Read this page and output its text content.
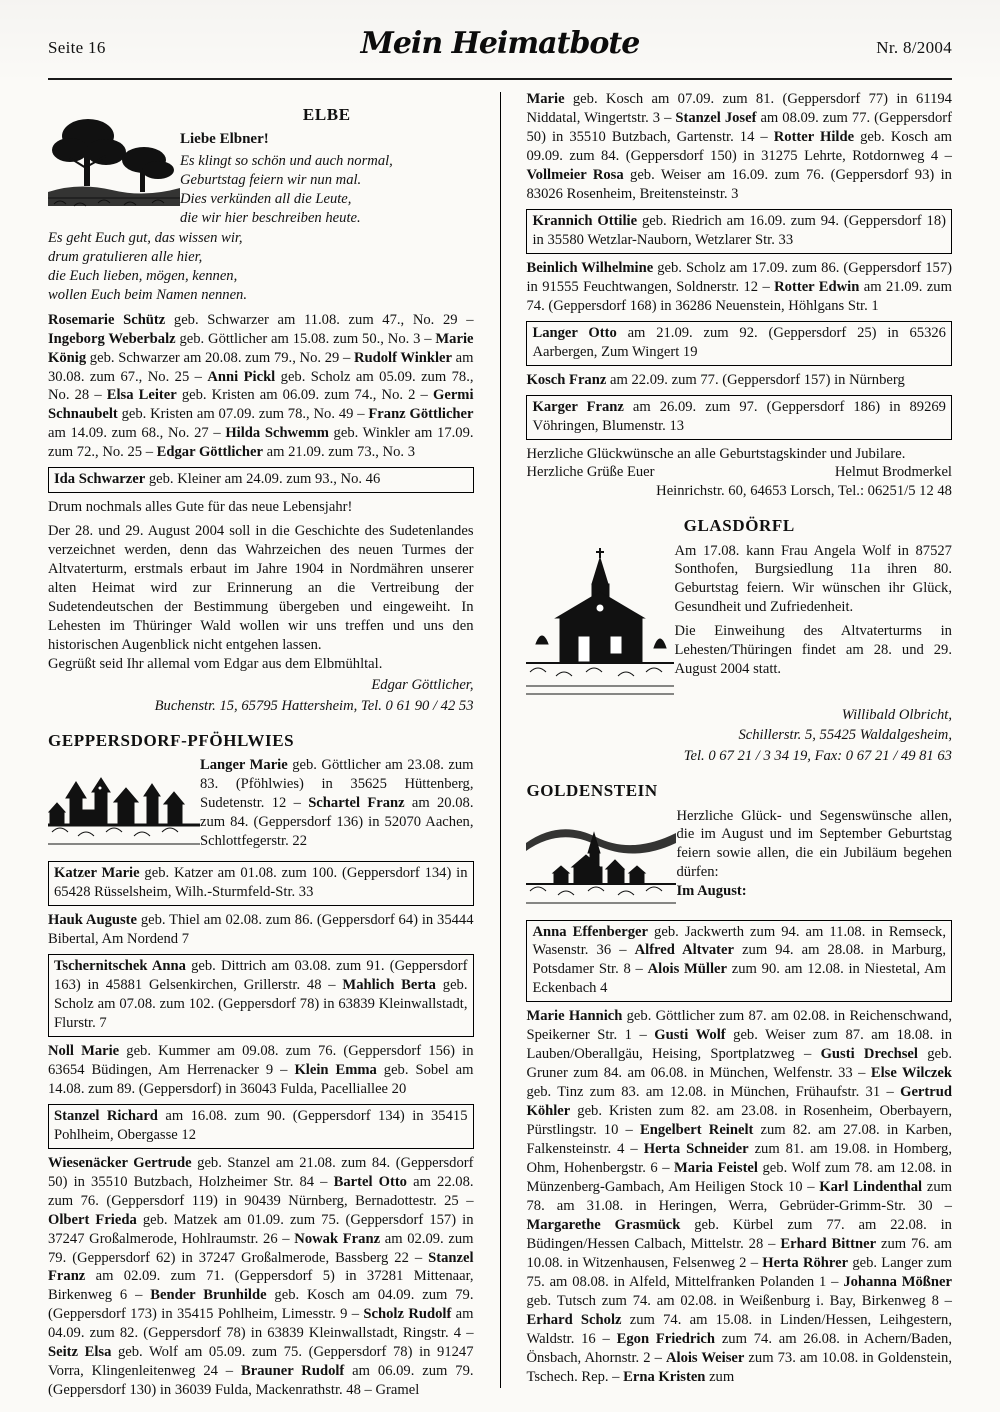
Seite 16	Mein Heimatbote	Nr. 8/2004
ELBE
Liebe Elbner!
Es klingt so schön und auch normal,
Geburtstag feiern wir nun mal.
Dies verkünden all die Leute,
die wir hier beschreiben heute.
Es geht Euch gut, das wissen wir,
drum gratulieren alle hier,
die Euch lieben, mögen, kennen,
wollen Euch beim Namen nennen.

Rosemarie Schütz geb. Schwarzer am 11.08. zum 47., No. 29 – Ingeborg Weberbalz geb. Göttlicher am 15.08. zum 50., No. 3 – Marie König geb. Schwarzer am 20.08. zum 79., No. 29 – Rudolf Winkler am 30.08. zum 67., No. 25 – Anni Pickl geb. Scholz am 05.09. zum 78., No. 28 – Elsa Leiter geb. Kristen am 06.09. zum 74., No. 2 – Germi Schnaubelt geb. Kristen am 07.09. zum 78., No. 49 – Franz Göttlicher am 14.09. zum 68., No. 27 – Hilda Schwemm geb. Winkler am 17.09. zum 72., No. 25 – Edgar Göttlicher am 21.09. zum 73., No. 3

Ida Schwarzer geb. Kleiner am 24.09. zum 93., No. 46

Drum nochmals alles Gute für das neue Lebensjahr!

Der 28. und 29. August 2004 soll in die Geschichte des Sudetenlandes verzeichnet werden, denn das Wahrzeichen des neuen Turmes der Altvaterturm, erstmals erbaut im Jahre 1904 in Nordmähren unserer alten Heimat wird zur Erinnerung an die Vertreibung der Sudetendeutschen der Bestimmung übergeben und eingeweiht. In Lehesten im Thüringer Wald wollen wir uns treffen und uns den historischen Augenblick nicht entgehen lassen.

Gegrüßt seid Ihr allemal vom Edgar aus dem Elbmühltal.

Edgar Göttlicher,

Buchenstr. 15, 65795 Hattersheim, Tel. 0 61 90 / 42 53

GEPPERSDORF-PFÖHLWIES

Langer Marie geb. Göttlicher am 23.08. zum 83. (Pföhlwies) in 35625 Hüttenberg, Sudetenstr. 12 – Schartel Franz am 20.08. zum 84. (Geppersdorf 136) in 52070 Aachen, Schlottfegerstr. 22

Katzer Marie geb. Katzer am 01.08. zum 100. (Geppersdorf 134) in 65428 Rüsselsheim, Wilh.-Sturmfeld-Str. 33

Hauk Auguste geb. Thiel am 02.08. zum 86. (Geppersdorf 64) in 35444 Bibertal, Am Nordend 7

Tschernitschek Anna geb. Dittrich am 03.08. zum 91. (Geppersdorf 163) in 45881 Gelsenkirchen, Grillerstr. 48 – Mahlich Berta geb. Scholz am 07.08. zum 102. (Geppersdorf 78) in 63839 Kleinwallstadt, Flurstr. 7

Noll Marie geb. Kummer am 09.08. zum 76. (Geppersdorf 156) in 63654 Büdingen, Am Herrenacker 9 – Klein Emma geb. Sobel am 14.08. zum 89. (Geppersdorf) in 36043 Fulda, Pacelliallee 20

Stanzel Richard am 16.08. zum 90. (Geppersdorf 134) in 35415 Pohlheim, Obergasse 12

Wiesenäcker Gertrude geb. Stanzel am 21.08. zum 84. (Geppersdorf 50) in 35510 Butzbach, Holzheimer Str. 84 – Bartel Otto am 22.08. zum 76. (Geppersdorf 119) in 90439 Nürnberg, Bernadottestr. 25 – Olbert Frieda geb. Matzek am 01.09. zum 75. (Geppersdorf 157) in 37247 Großalmerode, Hohlraumstr. 26 – Nowak Franz am 02.09. zum 79. (Geppersdorf 62) in 37247 Großalmerode, Bassberg 22 – Stanzel Franz am 02.09. zum 71. (Geppersdorf 5) in 37281 Mittenaar, Birkenweg 6 – Bender Brunhilde geb. Kosch am 04.09. zum 79. (Geppersdorf 173) in 35415 Pohlheim, Limesstr. 9 – Scholz Rudolf am 04.09. zum 82. (Geppersdorf 78) in 63839 Kleinwallstadt, Ringstr. 4 – Seitz Elsa geb. Wolf am 05.09. zum 75. (Geppersdorf 78) in 91247 Vorra, Klingenleitenweg 24 – Brauner Rudolf am 06.09. zum 79. (Geppersdorf 130) in 36039 Fulda, Mackenrathstr. 48 – Gramel

Marie geb. Kosch am 07.09. zum 81. (Geppersdorf 77) in 61194 Niddatal, Wingertstr. 3 – Stanzel Josef am 08.09. zum 77. (Geppersdorf 50) in 35510 Butzbach, Gartenstr. 14 – Rotter Hilde geb. Kosch am 09.09. zum 84. (Geppersdorf 150) in 31275 Lehrte, Rotdornweg 4 – Vollmeier Rosa geb. Weiser am 16.09. zum 76. (Geppersdorf 93) in 83026 Rosenheim, Breitensteinstr. 3

Krannich Ottilie geb. Riedrich am 16.09. zum 94. (Geppersdorf 18) in 35580 Wetzlar-Nauborn, Wetzlarer Str. 33

Beinlich Wilhelmine geb. Scholz am 17.09. zum 86. (Geppersdorf 157) in 91555 Feuchtwangen, Soldnerstr. 12 – Rotter Edwin am 21.09. zum 74. (Geppersdorf 168) in 36286 Neuenstein, Höhlgans Str. 1

Langer Otto am 21.09. zum 92. (Geppersdorf 25) in 65326 Aarbergen, Zum Wingert 19

Kosch Franz am 22.09. zum 77. (Geppersdorf 157) in Nürnberg

Karger Franz am 26.09. zum 97. (Geppersdorf 186) in 89269 Vöhringen, Blumenstr. 13

Herzliche Glückwünsche an alle Geburtstagskinder und Jubilare.

Herzliche Grüße Euer	Helmut Brodmerkel

Heinrichstr. 60, 64653 Lorsch, Tel.: 06251/5 12 48

GLASDÖRFL

Am 17.08. kann Frau Angela Wolf in 87527 Sonthofen, Burgsiedlung 11a ihren 80. Geburtstag feiern. Wir wünschen ihr Glück, Gesundheit und Zufriedenheit.

Die Einweihung des Altvaterturms in Lehesten/Thüringen findet am 28. und 29. August 2004 statt.

Willibald Olbricht,

Schillerstr. 5, 55425 Waldalgesheim,

Tel. 0 67 21 / 3 34 19, Fax: 0 67 21 / 49 81 63

GOLDENSTEIN

Herzliche Glück- und Segenswünsche allen, die im August und im September Geburtstag feiern sowie allen, die ein Jubiläum begehen dürfen:

Im August:

Anna Effenberger geb. Jackwerth zum 94. am 11.08. in Remseck, Wasenstr. 36 – Alfred Altvater zum 94. am 28.08. in Marburg, Potsdamer Str. 8 – Alois Müller zum 90. am 12.08. in Niestetal, Am Eckenbach 4

Marie Hannich geb. Göttlicher zum 87. am 02.08. in Reichenschwand, Speikerner Str. 1 – Gusti Wolf geb. Weiser zum 87. am 18.08. in Lauben/Oberallgäu, Heising, Sportplatzweg – Gusti Drechsel geb. Gruner zum 84. am 06.08. in München, Welfenstr. 33 – Else Wilczek geb. Tinz zum 83. am 12.08. in München, Frühaufstr. 31 – Gertrud Köhler geb. Kristen zum 82. am 23.08. in Rosenheim, Oberbayern, Pürstlingstr. 10 – Engelbert Reinelt zum 82. am 27.08. in Karben, Falkensteinstr. 4 – Herta Schneider zum 81. am 19.08. in Homberg, Ohm, Hohenbergstr. 6 – Maria Feistel geb. Wolf zum 78. am 12.08. in Münzenberg-Gambach, Am Heiligen Stock 10 – Karl Lindenthal zum 78. am 31.08. in Heringen, Werra, Gebrüder-Grimm-Str. 30 – Margarethe Grasmück geb. Kürbel zum 77. am 22.08. in Büdingen/Hessen Calbach, Mittelstr. 28 – Erhard Bittner zum 76. am 10.08. in Witzenhausen, Felsenweg 2 – Herta Röhrer geb. Langer zum 75. am 08.08. in Alfeld, Mittelfranken Polanden 1 – Johanna Mößner geb. Tutsch zum 74. am 02.08. in Weißenburg i. Bay, Birkenweg 8 – Erhard Scholz zum 74. am 15.08. in Linden/Hessen, Leihgestern, Waldstr. 16 – Egon Friedrich zum 74. am 26.08. in Achern/Baden, Önsbach, Ahornstr. 2 – Alois Weiser zum 73. am 10.08. in Goldenstein, Tschech. Rep. – Erna Kristen zum
